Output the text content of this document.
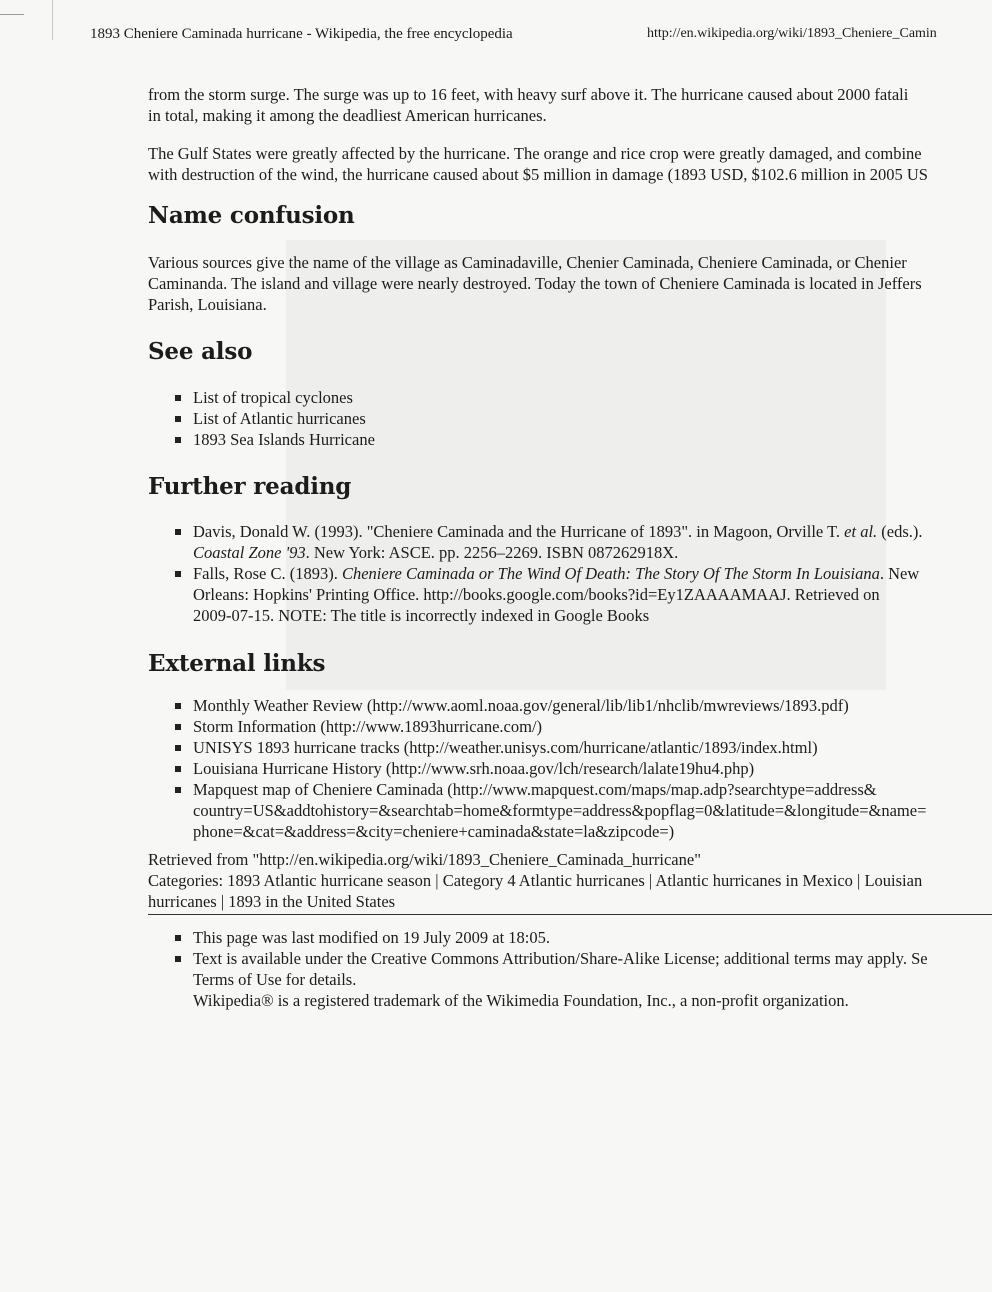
1893 Cheniere Caminada hurricane - Wikipedia, the free encyclopedia	http://en.wikipedia.org/wiki/1893_Cheniere_Camin

from the storm surge. The surge was up to 16 feet, with heavy surf above it. The hurricane caused about 2000 fatali
in total, making it among the deadliest American hurricanes.

The Gulf States were greatly affected by the hurricane. The orange and rice crop were greatly damaged, and combine
with destruction of the wind, the hurricane caused about $5 million in damage (1893 USD, $102.6 million in 2005 US

Name confusion

Various sources give the name of the village as Caminadaville, Chenier Caminada, Cheniere Caminada, or Chenier
Caminanda. The island and village were nearly destroyed. Today the town of Cheniere Caminada is located in Jeffers
Parish, Louisiana.

See also
List of tropical cyclones
List of Atlantic hurricanes
1893 Sea Islands Hurricane
Further reading
Davis, Donald W. (1993). "Cheniere Caminada and the Hurricane of 1893". in Magoon, Orville T. et al. (eds.).
Coastal Zone '93. New York: ASCE. pp. 2256–2269. ISBN 087262918X.
Falls, Rose C. (1893). Cheniere Caminada or The Wind Of Death: The Story Of The Storm In Louisiana. New
Orleans: Hopkins' Printing Office. http://books.google.com/books?id=Ey1ZAAAAMAAJ. Retrieved on
2009-07-15. NOTE: The title is incorrectly indexed in Google Books
External links
Monthly Weather Review (http://www.aoml.noaa.gov/general/lib/lib1/nhclib/mwreviews/1893.pdf)
Storm Information (http://www.1893hurricane.com/)
UNISYS 1893 hurricane tracks (http://weather.unisys.com/hurricane/atlantic/1893/index.html)
Louisiana Hurricane History (http://www.srh.noaa.gov/lch/research/lalate19hu4.php)
Mapquest map of Cheniere Caminada (http://www.mapquest.com/maps/map.adp?searchtype=address&
country=US&addtohistory=&searchtab=home&formtype=address&popflag=0&latitude=&longitude=&name=
phone=&cat=&address=&city=cheniere+caminada&state=la&zipcode=)
Retrieved from "http://en.wikipedia.org/wiki/1893_Cheniere_Caminada_hurricane"
Categories: 1893 Atlantic hurricane season | Category 4 Atlantic hurricanes | Atlantic hurricanes in Mexico | Louisian
hurricanes | 1893 in the United States
This page was last modified on 19 July 2009 at 18:05.
Text is available under the Creative Commons Attribution/Share-Alike License; additional terms may apply. Se
Terms of Use for details.
Wikipedia® is a registered trademark of the Wikimedia Foundation, Inc., a non-profit organization.
